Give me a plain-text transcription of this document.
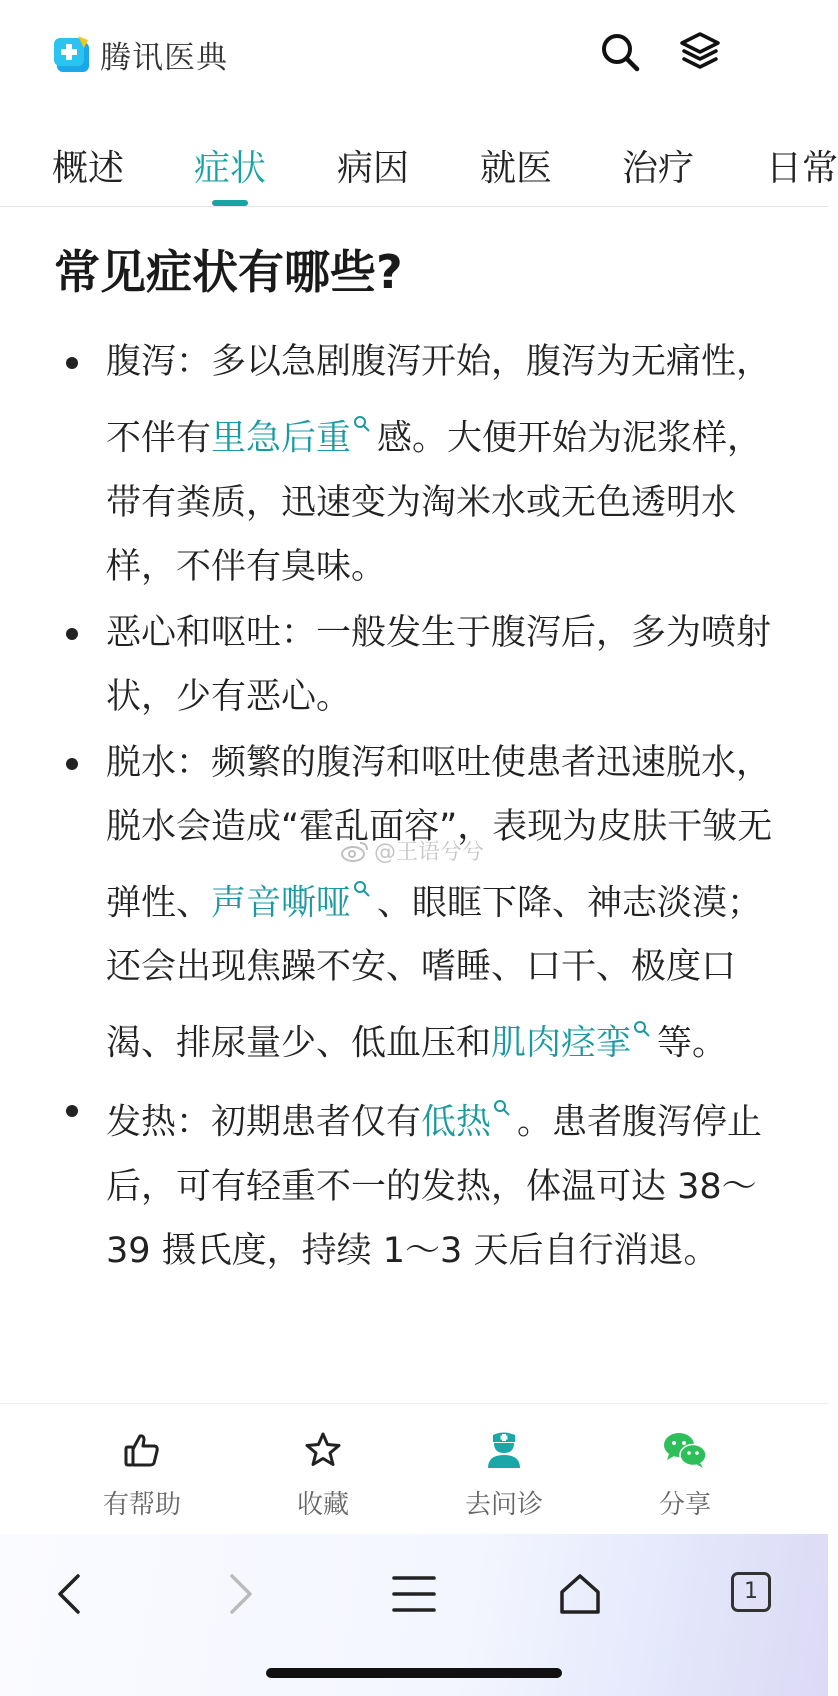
腾讯医典
概述 症状 病因 就医 治疗 日常
常见症状有哪些?
腹泻：多以急剧腹泻开始，腹泻为无痛性，不伴有里急后重 感。大便开始为泥浆样，带有粪质，迅速变为淘米水或无色透明水样，不伴有臭味。
恶心和呕吐：一般发生于腹泻后，多为喷射状，少有恶心。
脱水：频繁的腹泻和呕吐使患者迅速脱水，脱水会造成“霍乱面容”，表现为皮肤干皱无弹性、声音嘶哑 、眼眶下降、神志淡漠；还会出现焦躁不安、嗜睡、口干、极度口渴、排尿量少、低血压和肌肉痉挛 等。
发热：初期患者仅有低热 。患者腹泻停止后，可有轻重不一的发热，体温可达 38～39 摄氏度，持续 1～3 天后自行消退。
@王语兮兮
有帮助	收藏	去问诊	分享
1
